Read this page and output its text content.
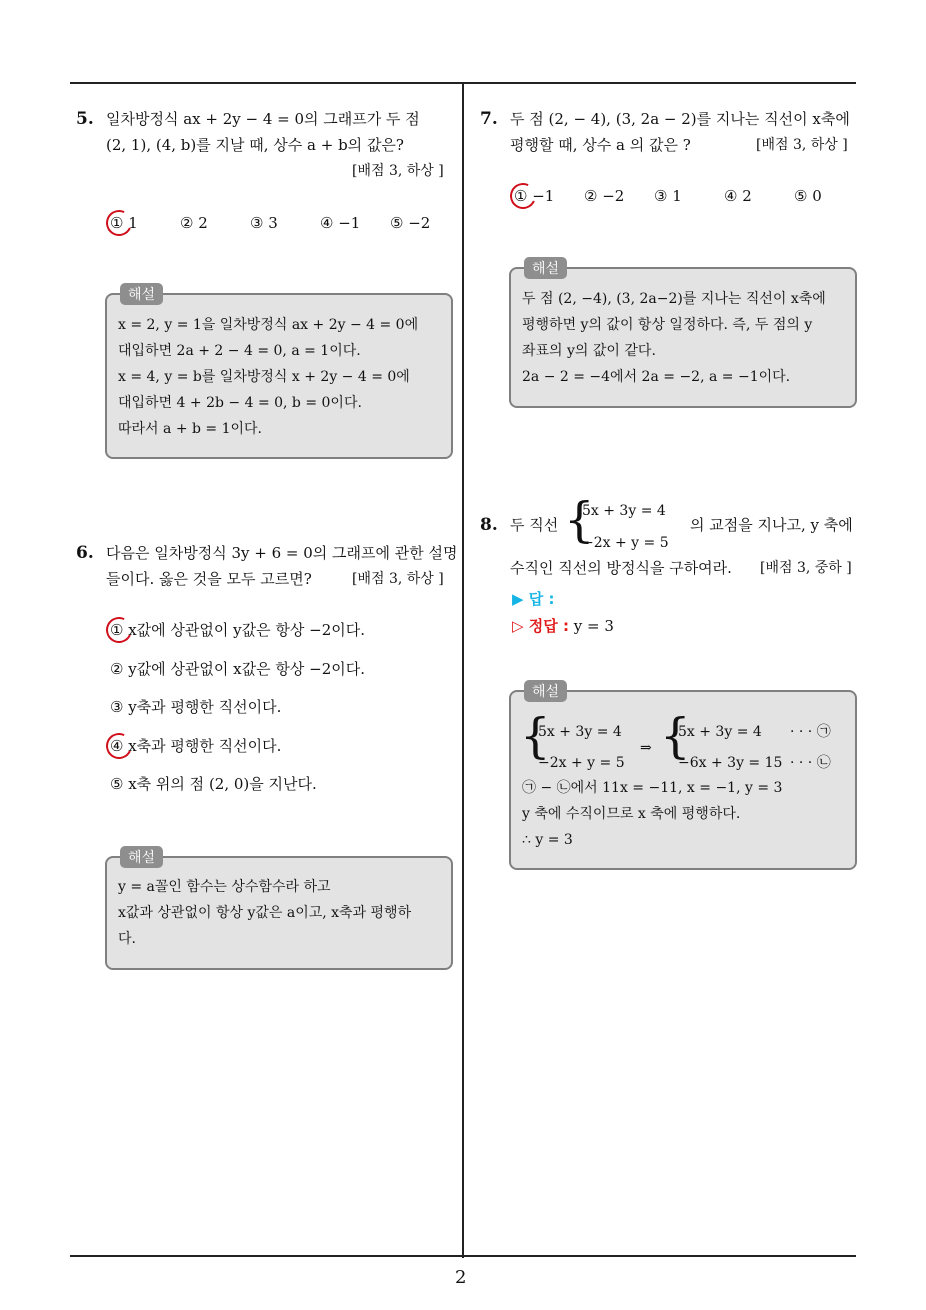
2
5. 일차방정식 ax + 2y − 4 = 0의 그래프가 두 점
(2, 1), (4, b)를 지날 때, 상수 a + b의 값은?
[배점 3, 하상 ]
① 1	② 2	③ 3	④ −1 ⑤ −2
해설
x = 2, y = 1을 일차방정식 ax + 2y − 4 = 0에
대입하면 2a + 2 − 4 = 0, a = 1이다.
x = 4, y = b를 일차방정식 x + 2y − 4 = 0에
대입하면 4 + 2b − 4 = 0, b = 0이다.
따라서 a + b = 1이다.
6. 다음은 일차방정식 3y + 6 = 0의 그래프에 관한 설명
들이다. 옳은 것을 모두 고르면?	[배점 3, 하상 ]
① x값에 상관없이 y값은 항상 −2이다.
② y값에 상관없이 x값은 항상 −2이다.
③ y축과 평행한 직선이다.
④ x축과 평행한 직선이다.
⑤ x축 위의 점 (2, 0)을 지난다.
해설
y = a꼴인 함수는 상수함수라 하고
x값과 상관없이 항상 y값은 a이고, x축과 평행하
다.
7. 두 점 (2, − 4), (3, 2a − 2)를 지나는 직선이 x축에
평행할 때, 상수 a 의 값은 ?	[배점 3, 하상 ]
① −1 ② −2 ③ 1	④ 2	⑤ 0
해설
두 점 (2, −4), (3, 2a−2)를 지나는 직선이 x축에
평행하면 y의 값이 항상 일정하다. 즉, 두 점의 y
좌표의 y의 값이 같다.
2a − 2 = −4에서 2a = −2, a = −1이다.
8. 두 직선 {
5x + 3y = 4
−2x + y = 5
의 교점을 지나고, y 축에
수직인 직선의 방정식을 구하여라. [배점 3, 중하 ]
▶ 답 :
▷ 정답 : y = 3
해설
{
5x + 3y = 4
−2x + y = 5
⇒ {
5x + 3y = 4
−6x + 3y = 15
· · · ㉠
· · · ㉡
㉠ − ㉡에서 11x = −11, x = −1, y = 3
y 축에 수직이므로 x 축에 평행하다.
∴ y = 3
